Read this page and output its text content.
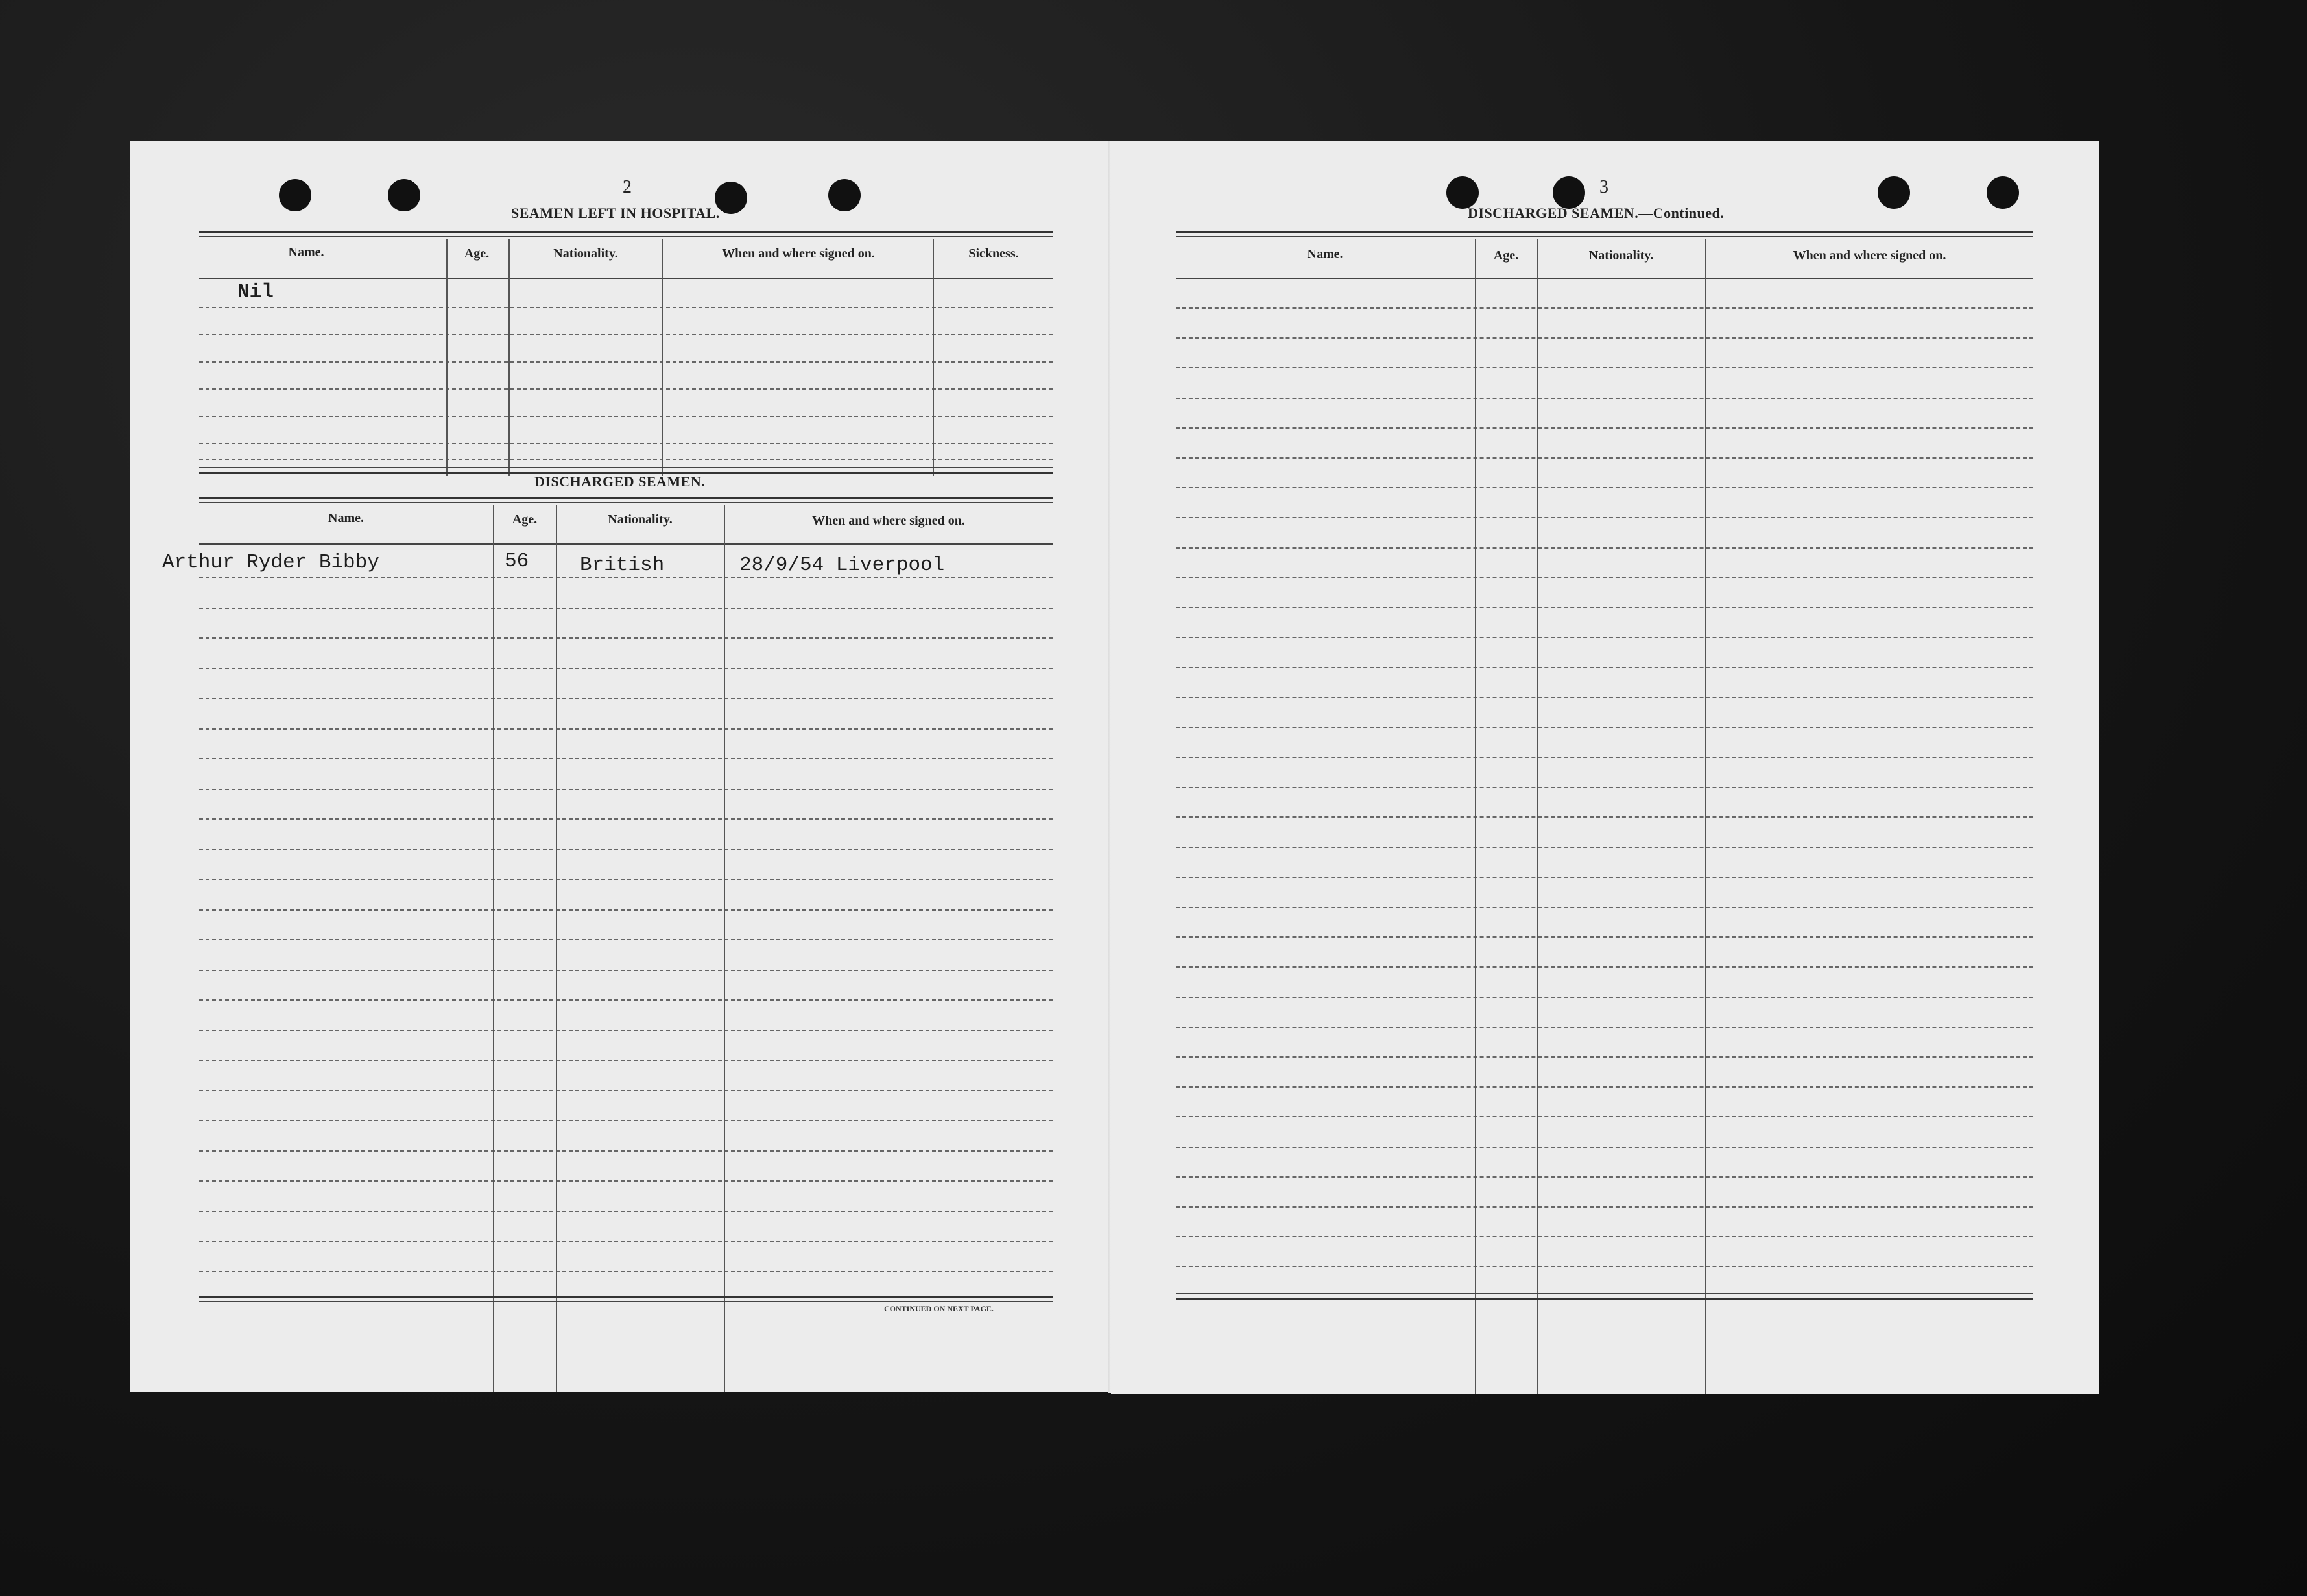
2
SEAMEN LEFT IN HOSPITAL.
Name.	Age.	Nationality.	When and where signed on.	Sickness.
Nil
DISCHARGED SEAMEN.
Name.	Age.	Nationality.	When and where signed on.
Arthur Ryder Bibby	56	British	28/9/54 Liverpool
CONTINUED ON NEXT PAGE.
3
DISCHARGED SEAMEN.—Continued.
Name.	Age.	Nationality.	When and where signed on.
